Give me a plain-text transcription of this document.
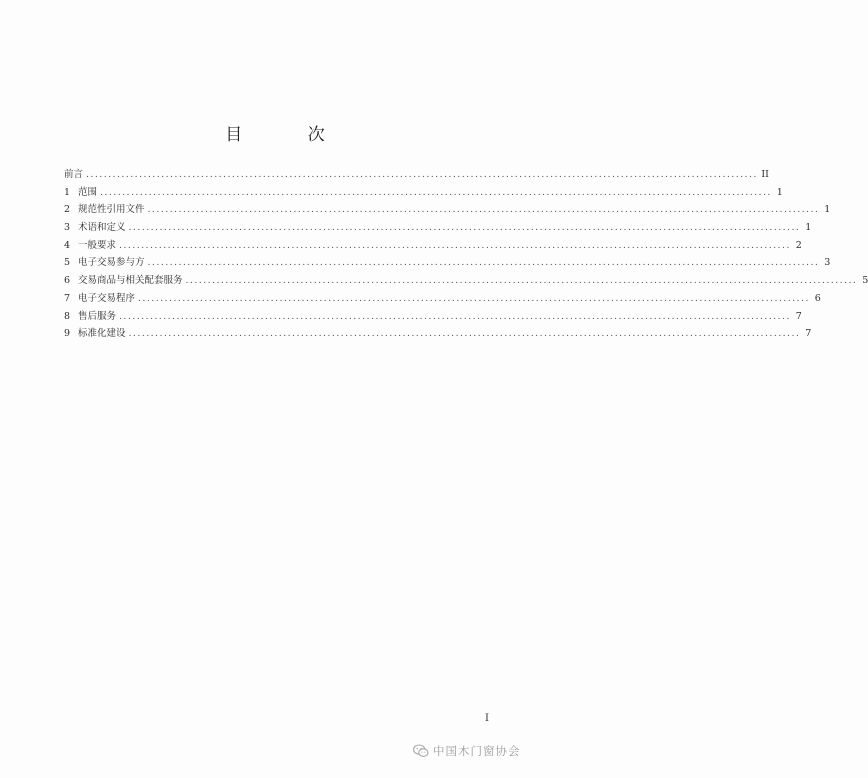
目 次
前言 ........................................................................................................................................................ II
1 范围 ........................................................................................................................................................ 1
2 规范性引用文件 ........................................................................................................................................................ 1
3 术语和定义 ........................................................................................................................................................ 1
4 一般要求 ........................................................................................................................................................ 2
5 电子交易参与方 ........................................................................................................................................................ 3
6 交易商品与相关配套服务 ........................................................................................................................................................ 5
7 电子交易程序 ........................................................................................................................................................ 6
8 售后服务 ........................................................................................................................................................ 7
9 标准化建设 ........................................................................................................................................................ 7
I
中国木门窗协会
